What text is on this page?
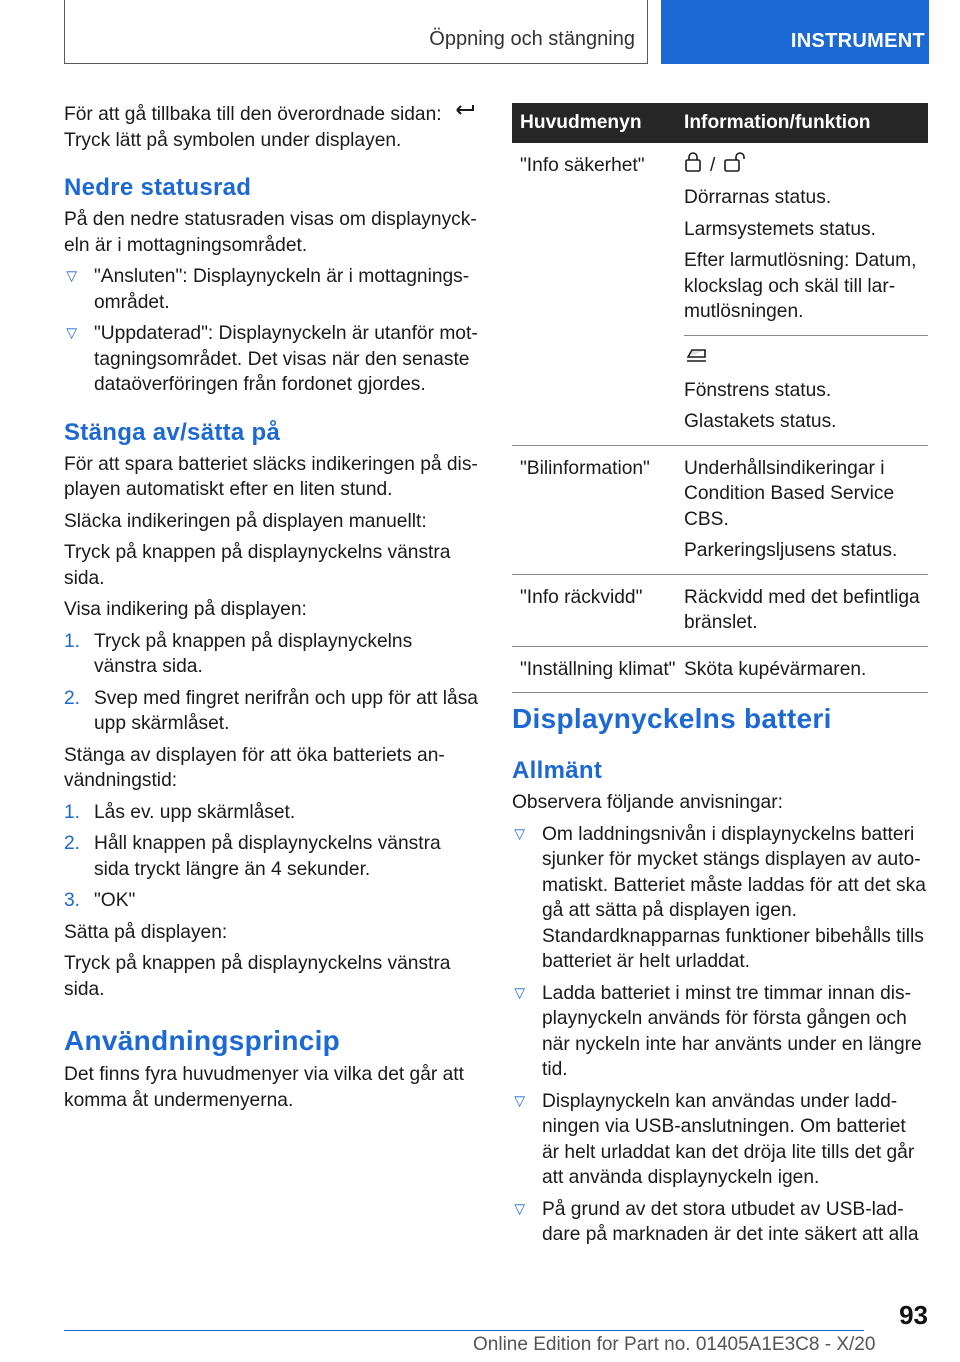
Öppning och stängning	INSTRUMENT

För att gå tillbaka till den överordnade sidan:
Tryck lätt på symbolen under displayen.

Nedre statusrad

På den nedre statusraden visas om displaynyckeln är i mottagningsområdet.

▷ "Ansluten": Displaynyckeln är i mottagningsområdet.
▷ "Uppdaterad": Displaynyckeln är utanför mottagningsområdet. Det visas när den senaste dataöverföringen från fordonet gjordes.
Stänga av/sätta på

För att spara batteriet släcks indikeringen på displayen automatiskt efter en liten stund.

Släcka indikeringen på displayen manuellt:

Tryck på knappen på displaynyckelns vänstra sida.

Visa indikering på displayen:

1. Tryck på knappen på displaynyckelns vänstra sida.
2. Svep med fingret nerifrån och upp för att låsa upp skärmlåset.

Stänga av displayen för att öka batteriets användningstid:

1. Lås ev. upp skärmlåset.
2. Håll knappen på displaynyckelns vänstra sida tryckt längre än 4 sekunder.
3. "OK"

Sätta på displayen:

Tryck på knappen på displaynyckelns vänstra sida.

Användningsprincip

Det finns fyra huvudmenyer via vilka det går att komma åt undermenyerna.

Huvudmenyn	Information/funktion
"Info säkerhet"	/

Dörrarnas status.

Larmsystemets status.

Efter larmutlösning: Datum, klockslag och skäl till larmutlösningen.

Fönstrens status.

Glastakets status.

"Bilinformation"	Underhållsindikeringar i Condition Based Service CBS.

Parkeringsljusens status.

"Info räckvidd"	Räckvidd med det befintliga bränslet.

"Inställning klimat" Sköta kupévärmaren.

Displaynyckelns batteri
Allmänt

Observera följande anvisningar:

▷ Om laddningsnivån i displaynyckelns batteri sjunker för mycket stängs displayen av automatiskt. Batteriet måste laddas för att det ska gå att sätta på displayen igen. Standardknapparnas funktioner bibehålls tills batteriet är helt urladdat.
▷ Ladda batteriet i minst tre timmar innan displaynyckeln används för första gången och när nyckeln inte har använts under en längre tid.
▷ Displaynyckeln kan användas under laddningen via USB-anslutningen. Om batteriet är helt urladdat kan det dröja lite tills det går att använda displaynyckeln igen.
▷ På grund av det stora utbudet av USB-laddare på marknaden är det inte säkert att alla
93
Online Edition for Part no. 01405A1E3C8 - X/20
